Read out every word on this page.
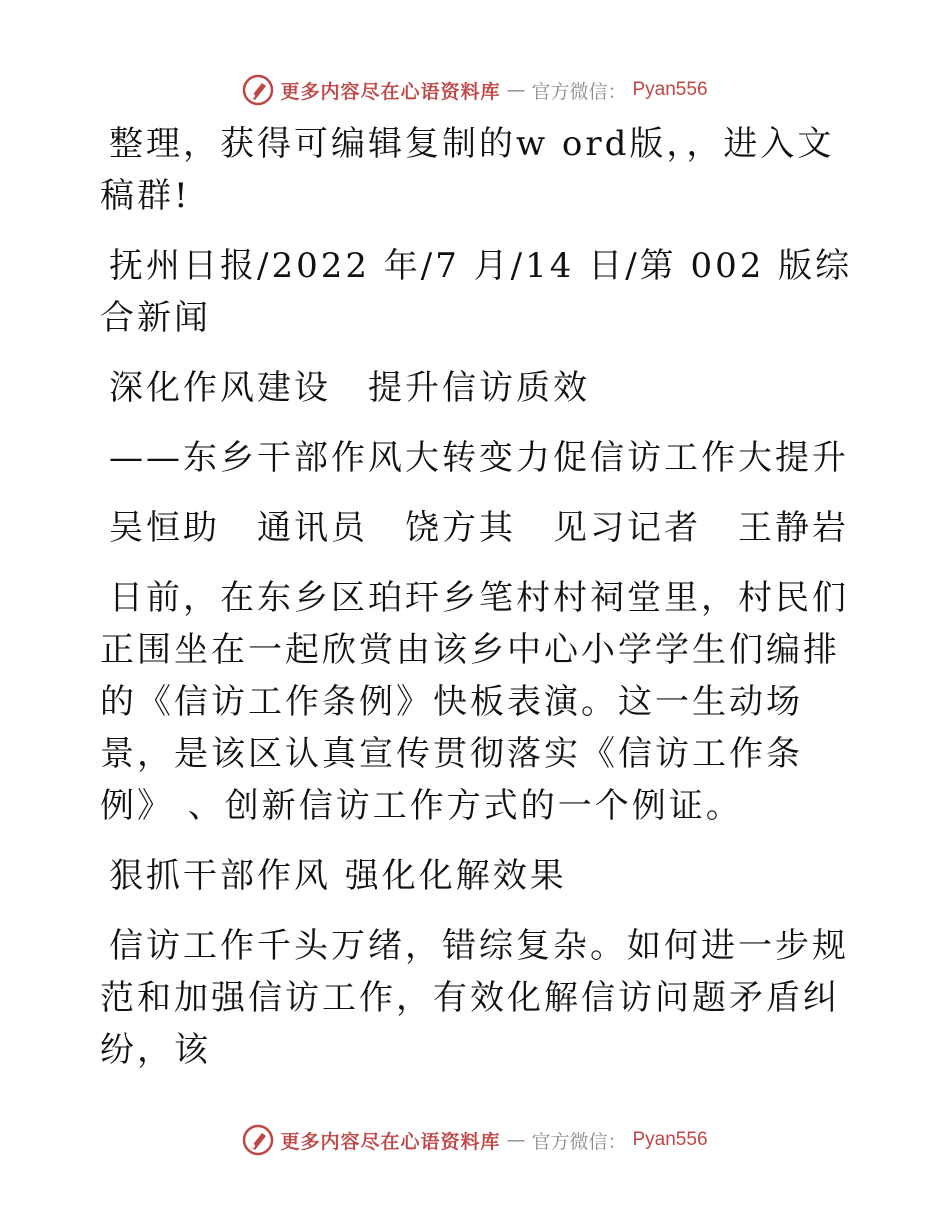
更多内容尽在心语资料库 — 官方微信： Pyan556

整理，获得可编辑复制的w ord版，，进入文稿群!

抚州日报/2022 年/7 月/14 日/第 002 版综合新闻

深化作风建设　提升信访质效

——东乡干部作风大转变力促信访工作大提升

吴恒助　通讯员　饶方其　见习记者　王静岩

日前，在东乡区珀玕乡笔村村祠堂里，村民们正围坐在一起欣赏由该乡中心小学学生们编排的《信访工作条例》快板表演。这一生动场景，是该区认真宣传贯彻落实《信访工作条例》 、创新信访工作方式的一个例证。

狠抓干部作风 强化化解效果

信访工作千头万绪，错综复杂。如何进一步规范和加强信访工作，有效化解信访问题矛盾纠纷，该

更多内容尽在心语资料库 — 官方微信： Pyan556
